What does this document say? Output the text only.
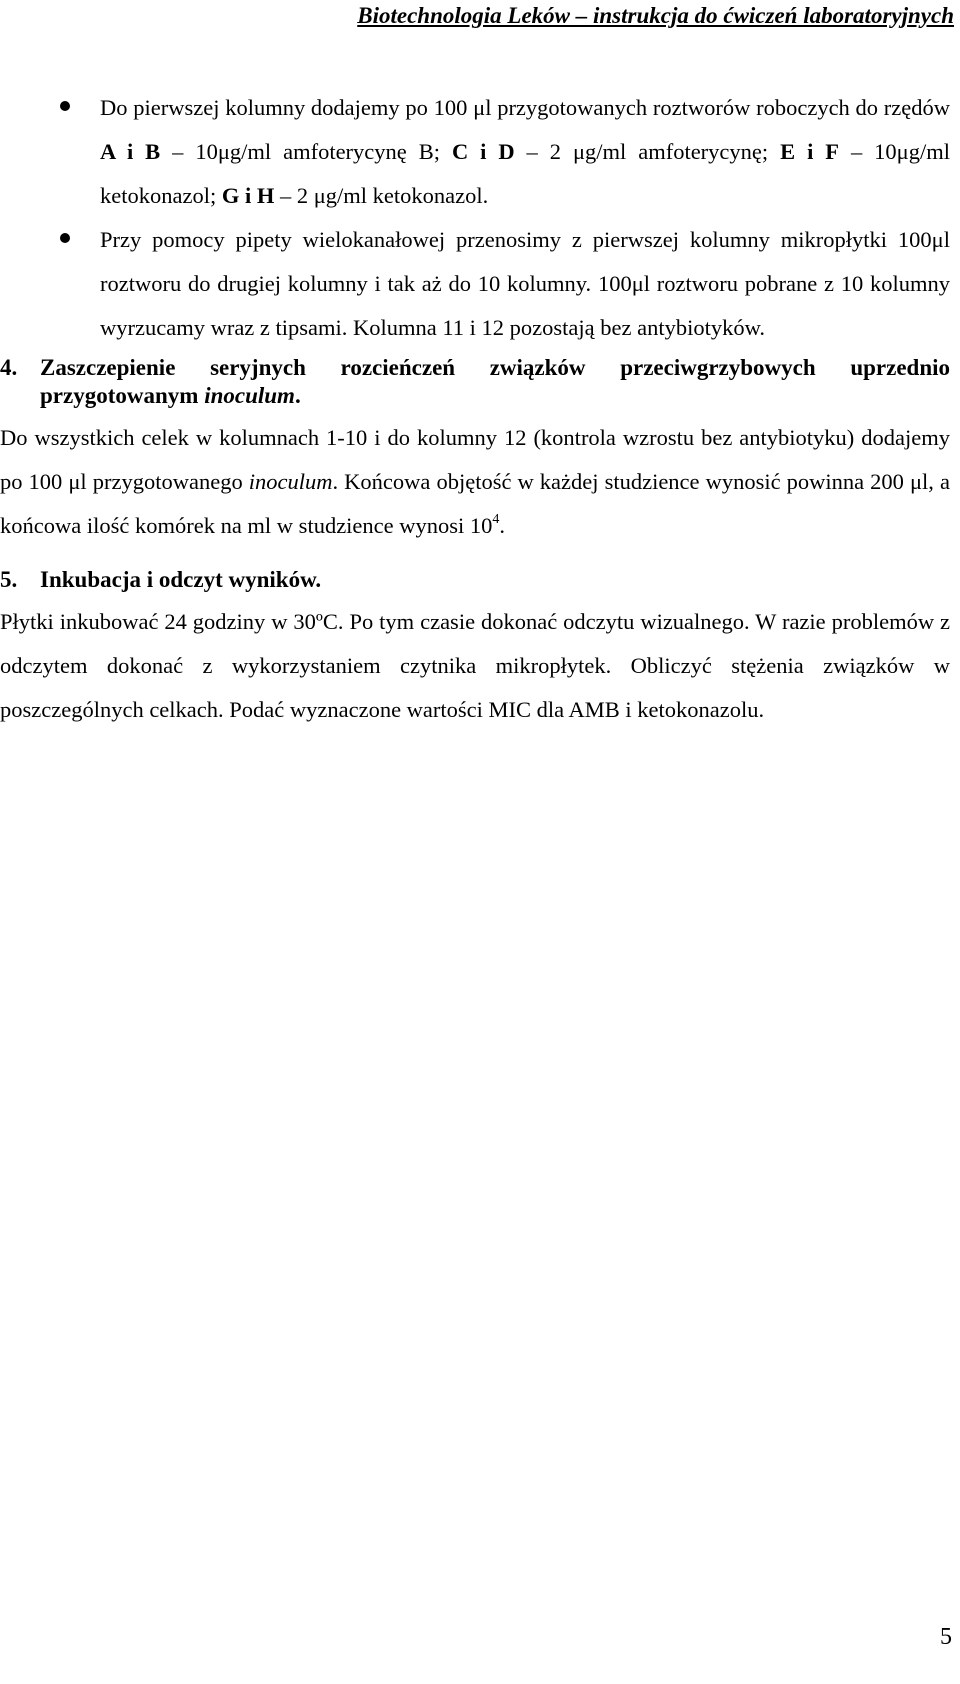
Biotechnologia Leków – instrukcja do ćwiczeń laboratoryjnych
Do pierwszej kolumny dodajemy po 100 μl przygotowanych roztworów roboczych do rzędów A i B – 10μg/ml amfoterycynę B; C i D – 2 μg/ml amfoterycynę; E i F – 10μg/ml ketokonazol; G i H – 2 μg/ml ketokonazol.
Przy pomocy pipety wielokanałowej przenosimy z pierwszej kolumny mikropłytki 100μl roztworu do drugiej kolumny i tak aż do 10 kolumny. 100μl roztworu pobrane z 10 kolumny wyrzucamy wraz z tipsami. Kolumna 11 i 12 pozostają bez antybiotyków.
4. Zaszczepienie seryjnych rozcieńczeń związków przeciwgrzybowych uprzednio przygotowanym inoculum.

Do wszystkich celek w kolumnach 1-10 i do kolumny 12 (kontrola wzrostu bez antybiotyku) dodajemy po 100 μl przygotowanego inoculum. Końcowa objętość w każdej studzience wynosić powinna 200 μl, a końcowa ilość komórek na ml w studzience wynosi $10^4$.

5. Inkubacja i odczyt wyników.

Płytki inkubować 24 godziny w 30ºC. Po tym czasie dokonać odczytu wizualnego. W razie problemów z odczytem dokonać z wykorzystaniem czytnika mikropłytek. Obliczyć stężenia związków w poszczególnych celkach. Podać wyznaczone wartości MIC dla AMB i ketokonazolu.

5
